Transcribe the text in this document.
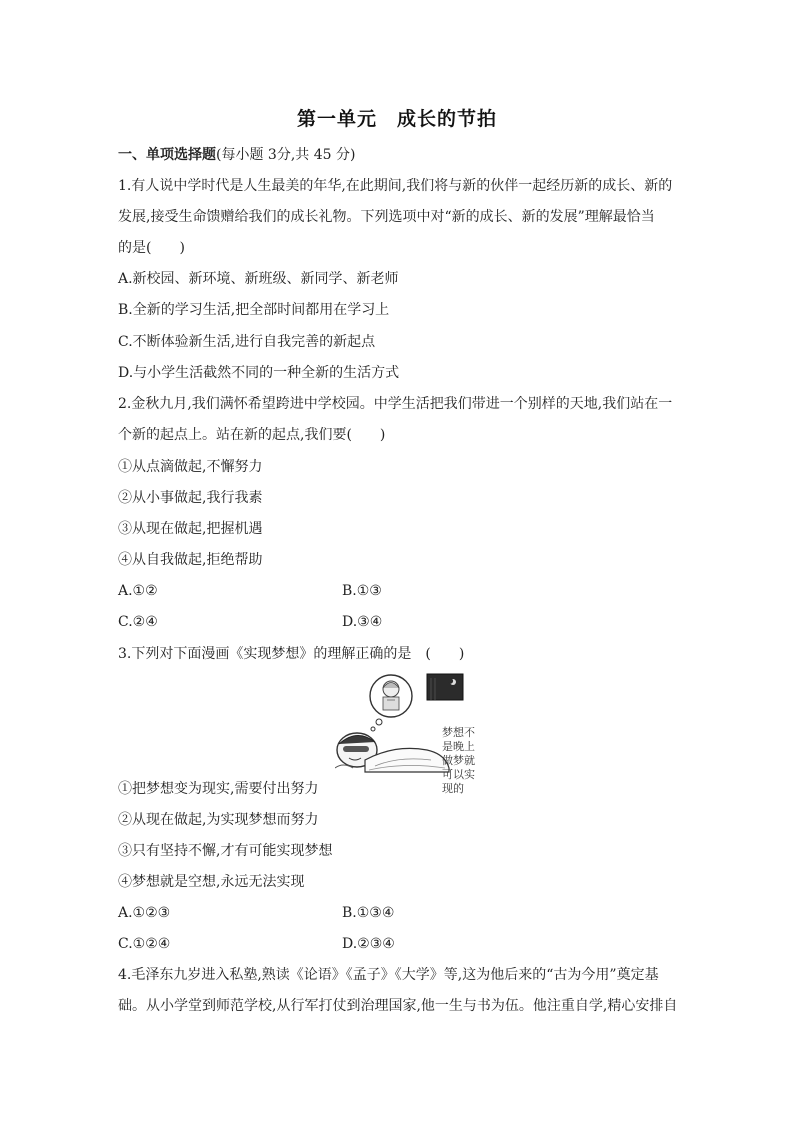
第一单元　成长的节拍
一、单项选择题(每小题 3分,共 45 分)
1.有人说中学时代是人生最美的年华,在此期间,我们将与新的伙伴一起经历新的成长、新的
发展,接受生命馈赠给我们的成长礼物。下列选项中对“新的成长、新的发展”理解最恰当
的是(　　)
A.新校园、新环境、新班级、新同学、新老师
B.全新的学习生活,把全部时间都用在学习上
C.不断体验新生活,进行自我完善的新起点
D.与小学生活截然不同的一种全新的生活方式
2.金秋九月,我们满怀希望跨进中学校园。中学生活把我们带进一个别样的天地,我们站在一
个新的起点上。站在新的起点,我们要(　　)
①从点滴做起,不懈努力
②从小事做起,我行我素
③从现在做起,把握机遇
④从自我做起,拒绝帮助
A.①②	B.①③
C.②④	D.③④
3.下列对下面漫画《实现梦想》的理解正确的是　(　　)
梦想不是晚上做梦就可以实现的
①把梦想变为现实,需要付出努力
②从现在做起,为实现梦想而努力
③只有坚持不懈,才有可能实现梦想
④梦想就是空想,永远无法实现
A.①②③	B.①③④
C.①②④	D.②③④
4.毛泽东九岁进入私塾,熟读《论语》《孟子》《大学》等,这为他后来的“古为今用”奠定基
础。从小学堂到师范学校,从行军打仗到治理国家,他一生与书为伍。他注重自学,精心安排自
